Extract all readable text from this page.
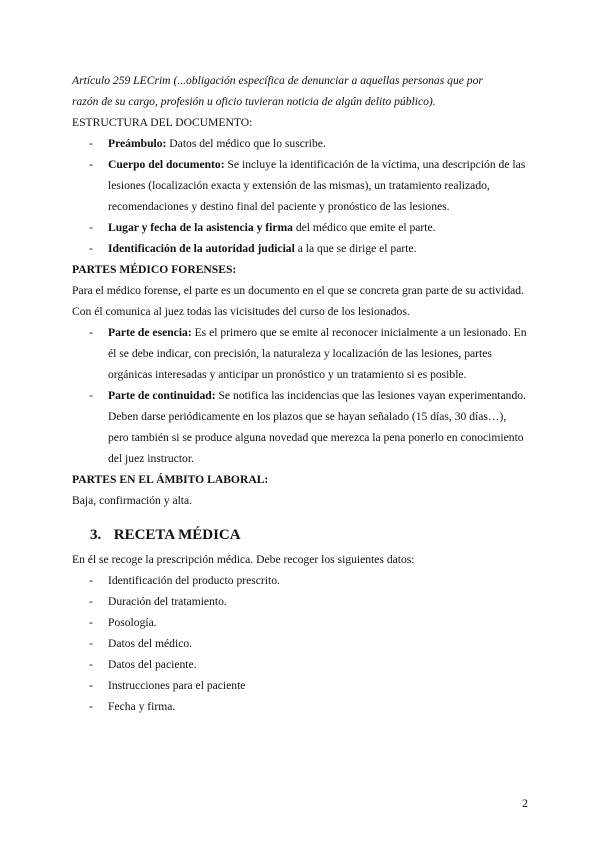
Artículo 259 LECrim (...obligación específica de denunciar a aquellas personas que por
razón de su cargo, profesión u oficio tuvieran noticia de algún delito público).
ESTRUCTURA DEL DOCUMENTO:
- Preámbulo: Datos del médico que lo suscribe.
- Cuerpo del documento: Se incluye la identificación de la víctima, una descripción de las lesiones (localización exacta y extensión de las mismas), un tratamiento realizado, recomendaciones y destino final del paciente y pronóstico de las lesiones.
- Lugar y fecha de la asistencia y firma del médico que emite el parte.
- Identificación de la autoridad judicial a la que se dirige el parte.
PARTES MÉDICO FORENSES:
Para el médico forense, el parte es un documento en el que se concreta gran parte de su actividad. Con él comunica al juez todas las vicisitudes del curso de los lesionados.
- Parte de esencia: Es el primero que se emite al reconocer inicialmente a un lesionado. En él se debe indicar, con precisión, la naturaleza y localización de las lesiones, partes orgánicas interesadas y anticipar un pronóstico y un tratamiento si es posible.
- Parte de continuidad: Se notifica las incidencias que las lesiones vayan experimentando. Deben darse periódicamente en los plazos que se hayan señalado (15 días, 30 días…), pero también si se produce alguna novedad que merezca la pena ponerlo en conocimiento del juez instructor.
PARTES EN EL ÁMBITO LABORAL:
Baja, confirmación y alta.
3. RECETA MÉDICA
En él se recoge la prescripción médica. Debe recoger los siguientes datos:
- Identificación del producto prescrito.
- Duración del tratamiento.
- Posología.
- Datos del médico.
- Datos del paciente.
- Instrucciones para el paciente
- Fecha y firma.
2
